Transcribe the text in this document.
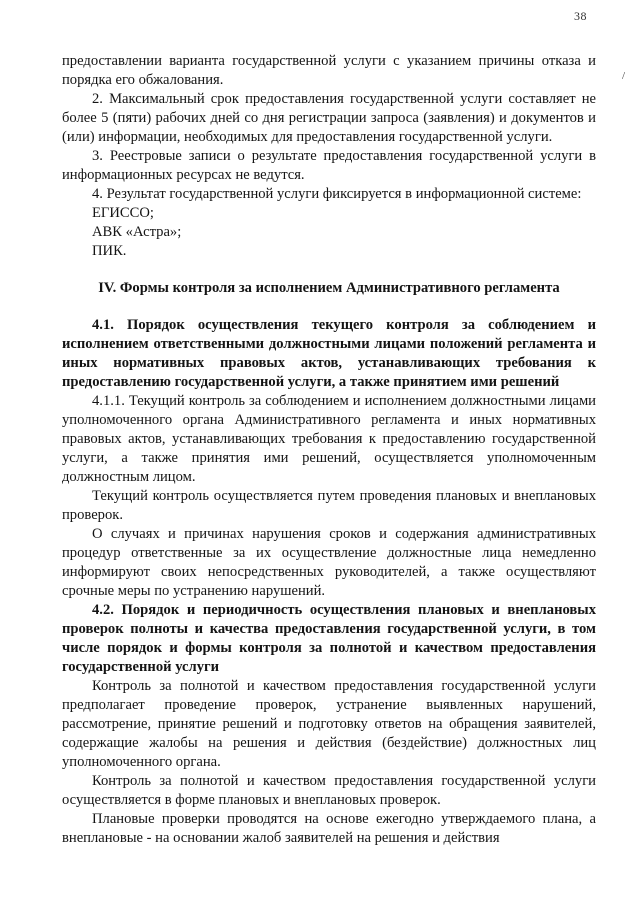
38
/

предоставлении варианта государственной услуги с указанием причины отказа и порядка его обжалования.

2. Максимальный срок предоставления государственной услуги составляет не более 5 (пяти) рабочих дней со дня регистрации запроса (заявления) и документов и (или) информации, необходимых для предоставления государственной услуги.

3. Реестровые записи о результате предоставления государственной услуги в информационных ресурсах не ведутся.

4. Результат государственной услуги фиксируется в информационной системе:

ЕГИССО;

АВК «Астра»;

ПИК.

IV. Формы контроля за исполнением Административного регламента

4.1. Порядок осуществления текущего контроля за соблюдением и исполнением ответственными должностными лицами положений регламента и иных нормативных правовых актов, устанавливающих требования к предоставлению государственной услуги, а также принятием ими решений

4.1.1. Текущий контроль за соблюдением и исполнением должностными лицами уполномоченного органа Административного регламента и иных нормативных правовых актов, устанавливающих требования к предоставлению государственной услуги, а также принятия ими решений, осуществляется уполномоченным должностным лицом.

Текущий контроль осуществляется путем проведения плановых и внеплановых проверок.

О случаях и причинах нарушения сроков и содержания административных процедур ответственные за их осуществление должностные лица немедленно информируют своих непосредственных руководителей, а также осуществляют срочные меры по устранению нарушений.

4.2. Порядок и периодичность осуществления плановых и внеплановых проверок полноты и качества предоставления государственной услуги, в том числе порядок и формы контроля за полнотой и качеством предоставления государственной услуги

Контроль за полнотой и качеством предоставления государственной услуги предполагает проведение проверок, устранение выявленных нарушений, рассмотрение, принятие решений и подготовку ответов на обращения заявителей, содержащие жалобы на решения и действия (бездействие) должностных лиц уполномоченного органа.

Контроль за полнотой и качеством предоставления государственной услуги осуществляется в форме плановых и внеплановых проверок.

Плановые проверки проводятся на основе ежегодно утверждаемого плана, а внеплановые - на основании жалоб заявителей на решения и действия
